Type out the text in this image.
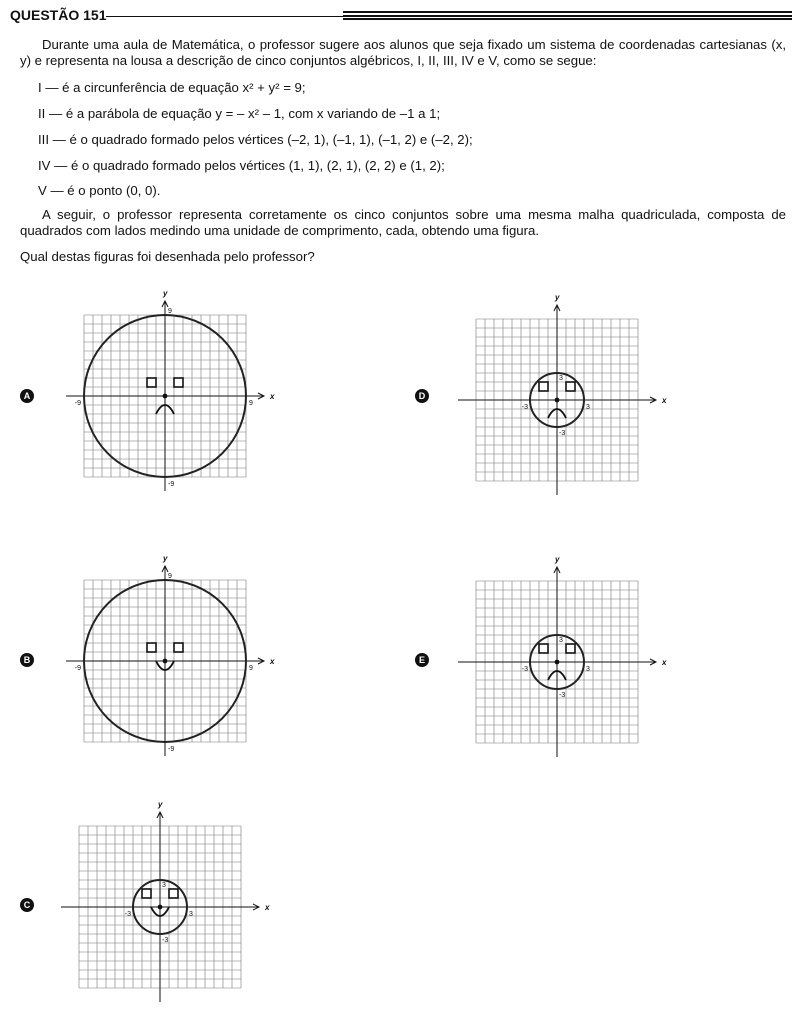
QUESTÃO 151

Durante uma aula de Matemática, o professor sugere aos alunos que seja fixado um sistema de coordenadas cartesianas (x, y) e representa na lousa a descrição de cinco conjuntos algébricos, I, II, III, IV e V, como se segue:

I — é a circunferência de equação x² + y² = 9;

II — é a parábola de equação y = – x² – 1, com x variando de –1 a 1;

III — é o quadrado formado pelos vértices (–2, 1), (–1, 1), (–1, 2) e (–2, 2);

IV — é o quadrado formado pelos vértices (1, 1), (2, 1), (2, 2) e (1, 2);

V — é o ponto (0, 0).

A seguir, o professor representa corretamente os cinco conjuntos sobre uma mesma malha quadriculada, composta de quadrados com lados medindo uma unidade de comprimento, cada, obtendo uma figura.

Qual destas figuras foi desenhada pelo professor?

A	x
y
9
-9
9
-9
B	x
y
9
-9
9
-9
C	x
y
3
-3
3
-3
D	x
y
3
-3
3
-3
E	x
y
3
-3
3
-3
